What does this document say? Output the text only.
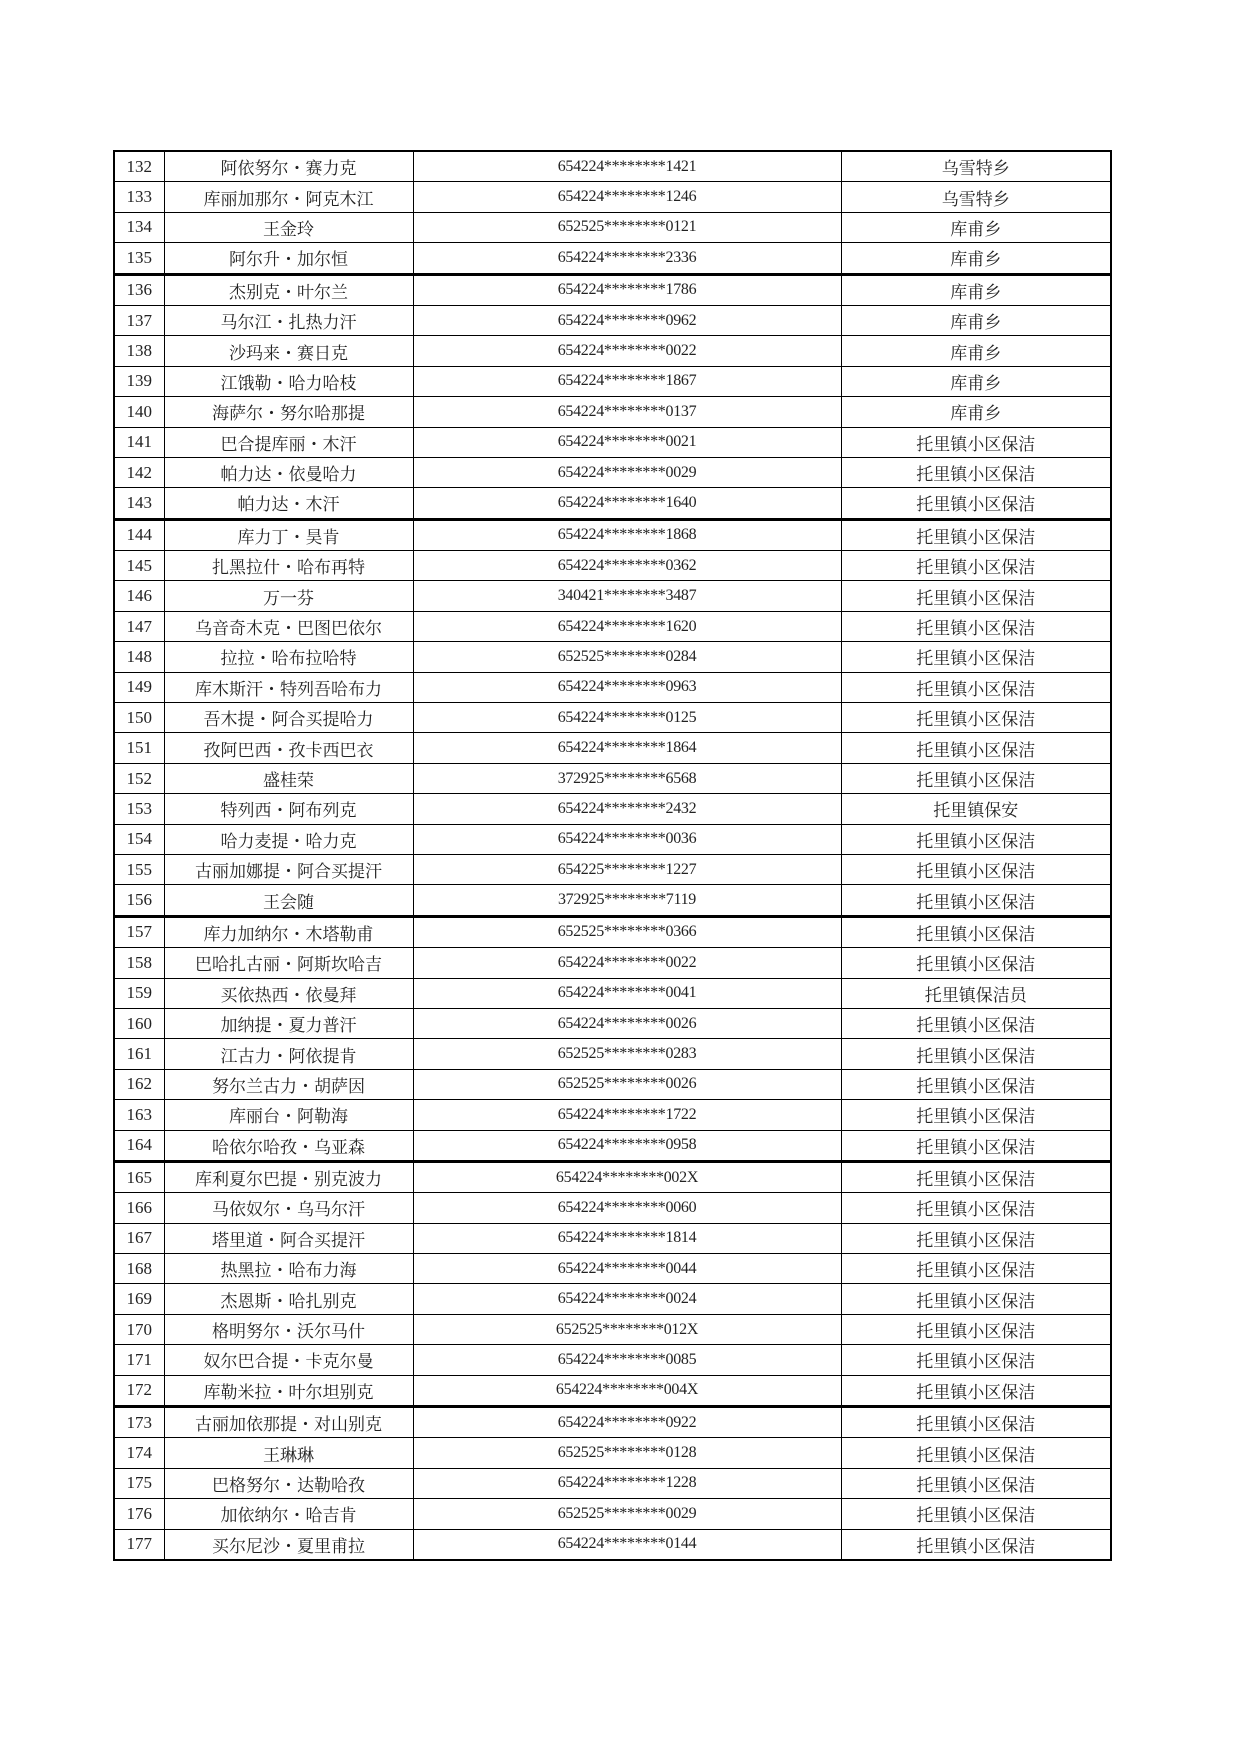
132	阿依努尔・赛力克	654224********1421	乌雪特乡
133	库丽加那尔・阿克木江	654224********1246	乌雪特乡
134	王金玲	652525********0121	库甫乡
135	阿尔升・加尔恒	654224********2336	库甫乡
136	杰别克・叶尔兰	654224********1786	库甫乡
137	马尔江・扎热力汗	654224********0962	库甫乡
138	沙玛来・赛日克	654224********0022	库甫乡
139	江饿勒・哈力哈枝	654224********1867	库甫乡
140	海萨尔・努尔哈那提	654224********0137	库甫乡
141	巴合提库丽・木汗	654224********0021	托里镇小区保洁
142	帕力达・依曼哈力	654224********0029	托里镇小区保洁
143	帕力达・木汗	654224********1640	托里镇小区保洁
144	库力丁・昊肯	654224********1868	托里镇小区保洁
145	扎黑拉什・哈布再特	654224********0362	托里镇小区保洁
146	万一芬	340421********3487	托里镇小区保洁
147	乌音奇木克・巴图巴依尔	654224********1620	托里镇小区保洁
148	拉拉・哈布拉哈特	652525********0284	托里镇小区保洁
149	库木斯汗・特列吾哈布力	654224********0963	托里镇小区保洁
150	吾木提・阿合买提哈力	654224********0125	托里镇小区保洁
151	孜阿巴西・孜卡西巴衣	654224********1864	托里镇小区保洁
152	盛桂荣	372925********6568	托里镇小区保洁
153	特列西・阿布列克	654224********2432	托里镇保安
154	哈力麦提・哈力克	654224********0036	托里镇小区保洁
155	古丽加娜提・阿合买提汗	654225********1227	托里镇小区保洁
156	王会随	372925********7119	托里镇小区保洁
157	库力加纳尔・木塔勒甫	652525********0366	托里镇小区保洁
158	巴哈扎古丽・阿斯坎哈吉	654224********0022	托里镇小区保洁
159	买依热西・依曼拜	654224********0041	托里镇保洁员
160	加纳提・夏力普汗	654224********0026	托里镇小区保洁
161	江古力・阿依提肯	652525********0283	托里镇小区保洁
162	努尔兰古力・胡萨因	652525********0026	托里镇小区保洁
163	库丽台・阿勒海	654224********1722	托里镇小区保洁
164	哈依尔哈孜・乌亚森	654224********0958	托里镇小区保洁
165	库利夏尔巴提・别克波力	654224********002X	托里镇小区保洁
166	马依奴尔・乌马尔汗	654224********0060	托里镇小区保洁
167	塔里道・阿合买提汗	654224********1814	托里镇小区保洁
168	热黑拉・哈布力海	654224********0044	托里镇小区保洁
169	杰恩斯・哈扎别克	654224********0024	托里镇小区保洁
170	格明努尔・沃尔马什	652525********012X	托里镇小区保洁
171	奴尔巴合提・卡克尔曼	654224********0085	托里镇小区保洁
172	库勒米拉・叶尔坦别克	654224********004X	托里镇小区保洁
173	古丽加依那提・对山别克	654224********0922	托里镇小区保洁
174	王琳琳	652525********0128	托里镇小区保洁
175	巴格努尔・达勒哈孜	654224********1228	托里镇小区保洁
176	加依纳尔・哈吉肯	652525********0029	托里镇小区保洁
177	买尔尼沙・夏里甫拉	654224********0144	托里镇小区保洁
